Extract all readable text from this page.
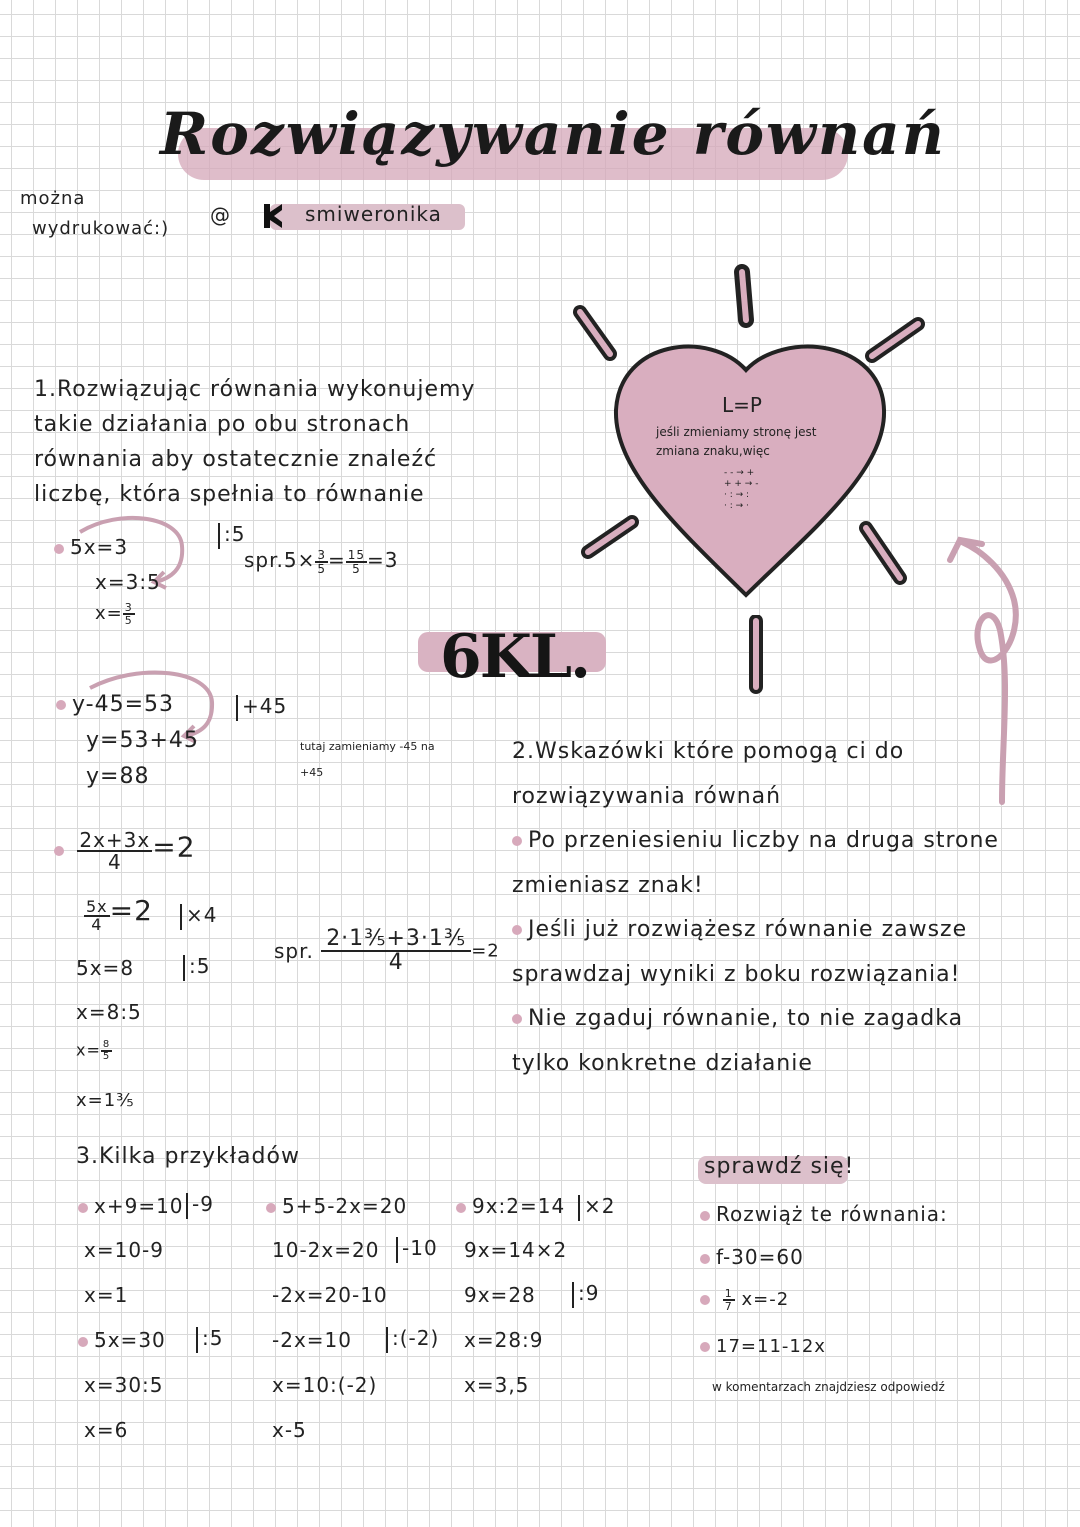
Rozwiązywanie równań
można
wydrukować:)
@	smiweronika
L=P
jeśli zmieniamy stronę jest
zmiana znaku,więc
- - → +
+ + → -
· : → :
· : → ·
6KL.
1.Rozwiązując równania wykonujemy
takie działania po obu stronach
równania aby ostatecznie znaleźć
liczbę, która spełnia to równanie
5x=3
x=3:5
$x= \frac{3}{5}$
:5
$spr.5\times \frac{3}{5} = \frac{15}{5} =3$
y-45=53
y=53+45
y=88
+45
tutaj zamieniamy -45 na
+45

$\frac{2x+3x}{4} =2$
$\frac{5x}{4} =2$	×4
5x=8	:5
x=8:5
$x= \frac{8}{5}$
x=1⅗
spr. $\frac{\text{2·1⅗+3·1⅗}}{4} =2$
2.Wskazówki które pomogą ci do
rozwiązywania równań
Po przeniesieniu liczby na druga strone
zmieniasz znak!
Jeśli już rozwiążesz równanie zawsze
sprawdzaj wyniki z boku rozwiązania!
Nie zgaduj równanie, to nie zagadka
tylko konkretne działanie
3.Kilka przykładów
x+9=10
x=10-9
x=1
5x=30
x=30:5
x=6
-9
:5
5+5-2x=20
10-2x=20
-2x=20-10
-2x=10
x=10:(-2)
x-5
-10
:(-2)
9x:2=14
9x=14×2
9x=28
x=28:9
x=3,5
×2
:9
sprawdź się!
Rozwiąż te równania:
f-30=60

$\frac{1}{7} x=-2$
17=11-12x
w komentarzach znajdziesz odpowiedź
